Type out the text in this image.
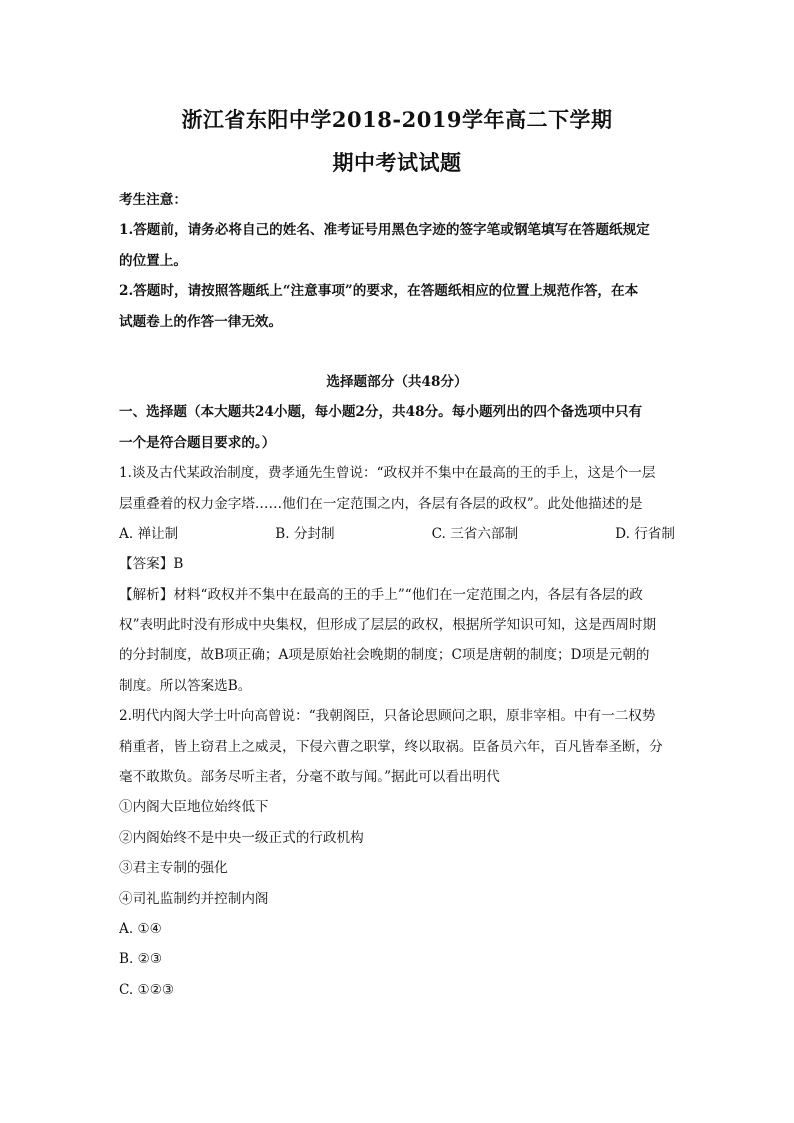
浙江省东阳中学2018-2019学年高二下学期
期中考试试题
考生注意：
1.答题前，请务必将自己的姓名、准考证号用黑色字迹的签字笔或钢笔填写在答题纸规定
的位置上。
2.答题时，请按照答题纸上“注意事项”的要求，在答题纸相应的位置上规范作答，在本
试题卷上的作答一律无效。
选择题部分（共48分）
一、选择题（本大题共24小题，每小题2分，共48分。每小题列出的四个备选项中只有
一个是符合题目要求的。）
1.谈及古代某政治制度，费孝通先生曾说：“政权并不集中在最高的王的手上，这是个一层
层重叠着的权力金字塔……他们在一定范围之内，各层有各层的政权”。此处他描述的是
A. 禅让制	B. 分封制	C. 三省六部制	D. 行省制
【答案】B
【解析】材料“政权并不集中在最高的王的手上”“他们在一定范围之内，各层有各层的政
权”表明此时没有形成中央集权，但形成了层层的政权，根据所学知识可知，这是西周时期
的分封制度，故B项正确；A项是原始社会晚期的制度；C项是唐朝的制度；D项是元朝的
制度。所以答案选B。
2.明代内阁大学士叶向高曾说：“我朝阁臣，只备论思顾问之职，原非宰相。中有一二权势
稍重者，皆上窃君上之威灵，下侵六曹之职掌，终以取祸。臣备员六年，百凡皆奉圣断，分
毫不敢欺负。部务尽听主者，分毫不敢与闻。”据此可以看出明代
①内阁大臣地位始终低下
②内阁始终不是中央一级正式的行政机构
③君主专制的强化
④司礼监制约并控制内阁
A. ①④
B. ②③
C. ①②③
